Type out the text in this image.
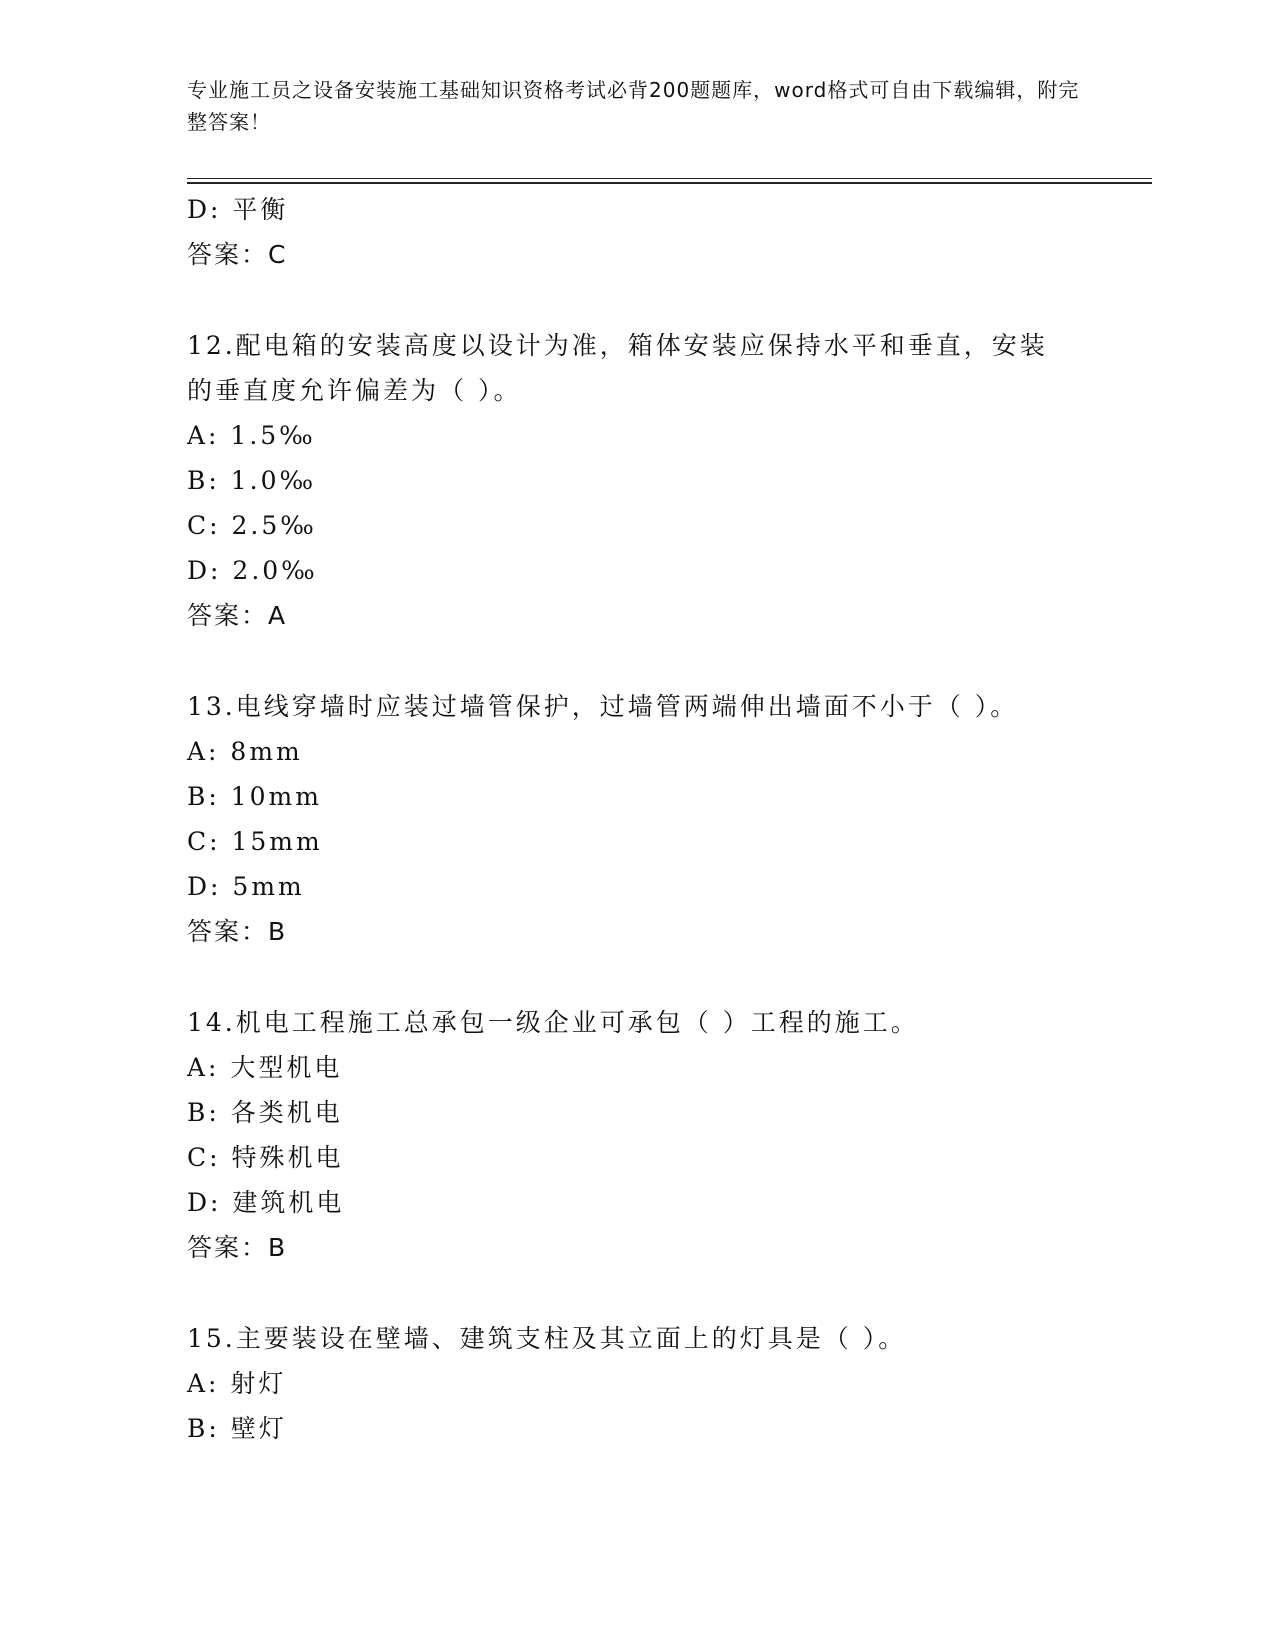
专业施工员之设备安装施工基础知识资格考试必背200题题库，word格式可自由下载编辑，附完整答案！
D: 平衡
答案：C
12.配电箱的安装高度以设计为准，箱体安装应保持水平和垂直，安装的垂直度允许偏差为（ ）。
A: 1.5‰
B: 1.0‰
C: 2.5‰
D: 2.0‰
答案：A
13.电线穿墙时应装过墙管保护，过墙管两端伸出墙面不小于（ ）。
A: 8mm
B: 10mm
C: 15mm
D: 5mm
答案：B
14.机电工程施工总承包一级企业可承包（ ）工程的施工。
A: 大型机电
B: 各类机电
C: 特殊机电
D: 建筑机电
答案：B
15.主要装设在壁墙、建筑支柱及其立面上的灯具是（ ）。
A: 射灯
B: 壁灯
